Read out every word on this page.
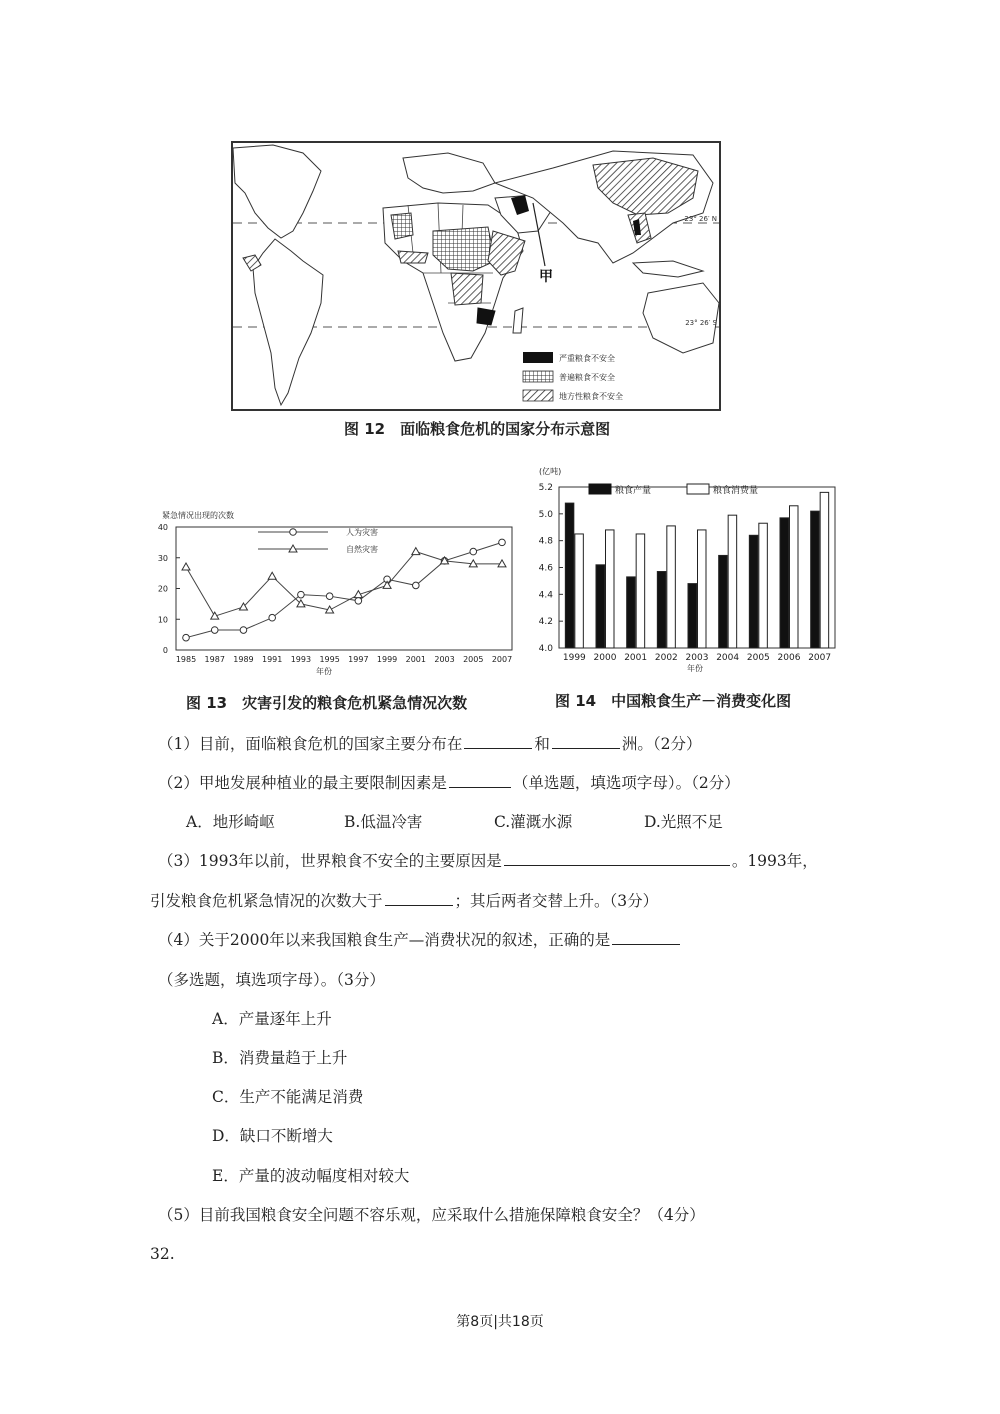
甲
23° 26′ N
23° 26′ S
严重粮食不安全
普遍粮食不安全
地方性粮食不安全
图 12　面临粮食危机的国家分布示意图
紧急情况出现的次数
0
10
20
30
40
1985 1987 1989 1991 1993 1995 1997 1999 2001 2003 2005 2007
年份
人为灾害
自然灾害
图 13　灾害引发的粮食危机紧急情况次数
(亿吨)
4.0
4.2
4.4
4.6
4.8
5.0
5.2
1999 2000 2001 2002 2003 2004 2005 2006 2007
年份
粮食产量	粮食消费量
图 14　中国粮食生产－消费变化图
（1）目前，面临粮食危机的国家主要分布在	和	洲。（2分）
（2）甲地发展种植业的最主要限制因素是	（单选题，填选项字母）。（2分）
A．地形崎岖	B.低温冷害	C.灌溉水源	D.光照不足
（3）1993年以前，世界粮食不安全的主要原因是	。1993年，
引发粮食危机紧急情况的次数大于	；其后两者交替上升。（3分）
（4）关于2000年以来我国粮食生产—消费状况的叙述，正确的是
（多选题，填选项字母）。（3分）
A．产量逐年上升
B．消费量趋于上升
C．生产不能满足消费
D．缺口不断增大
E．产量的波动幅度相对较大
（5）目前我国粮食安全问题不容乐观，应采取什么措施保障粮食安全？（4分）
32.
第8页|共18页
